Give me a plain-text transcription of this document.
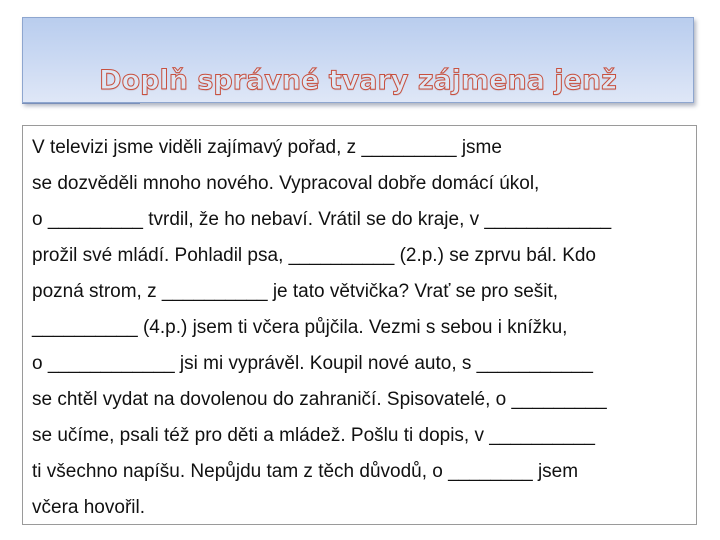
Doplň správné tvary zájmena jenž
V televizi jsme viděli zajímavý pořad, z _________ jsme
se dozvěděli mnoho nového. Vypracoval dobře domácí úkol,
o _________ tvrdil, že ho nebaví. Vrátil se do kraje, v ____________
prožil své mládí. Pohladil psa, __________ (2.p.) se zprvu bál. Kdo
pozná strom, z __________ je tato větvička? Vrať se pro sešit,
__________ (4.p.) jsem ti včera půjčila. Vezmi s sebou i knížku,
o ____________ jsi mi vyprávěl. Koupil nové auto, s ___________
se chtěl vydat na dovolenou do zahraničí. Spisovatelé, o _________
se učíme, psali též pro děti a mládež. Pošlu ti dopis, v __________
ti všechno napíšu. Nepůjdu tam z těch důvodů, o ________ jsem
včera hovořil.
